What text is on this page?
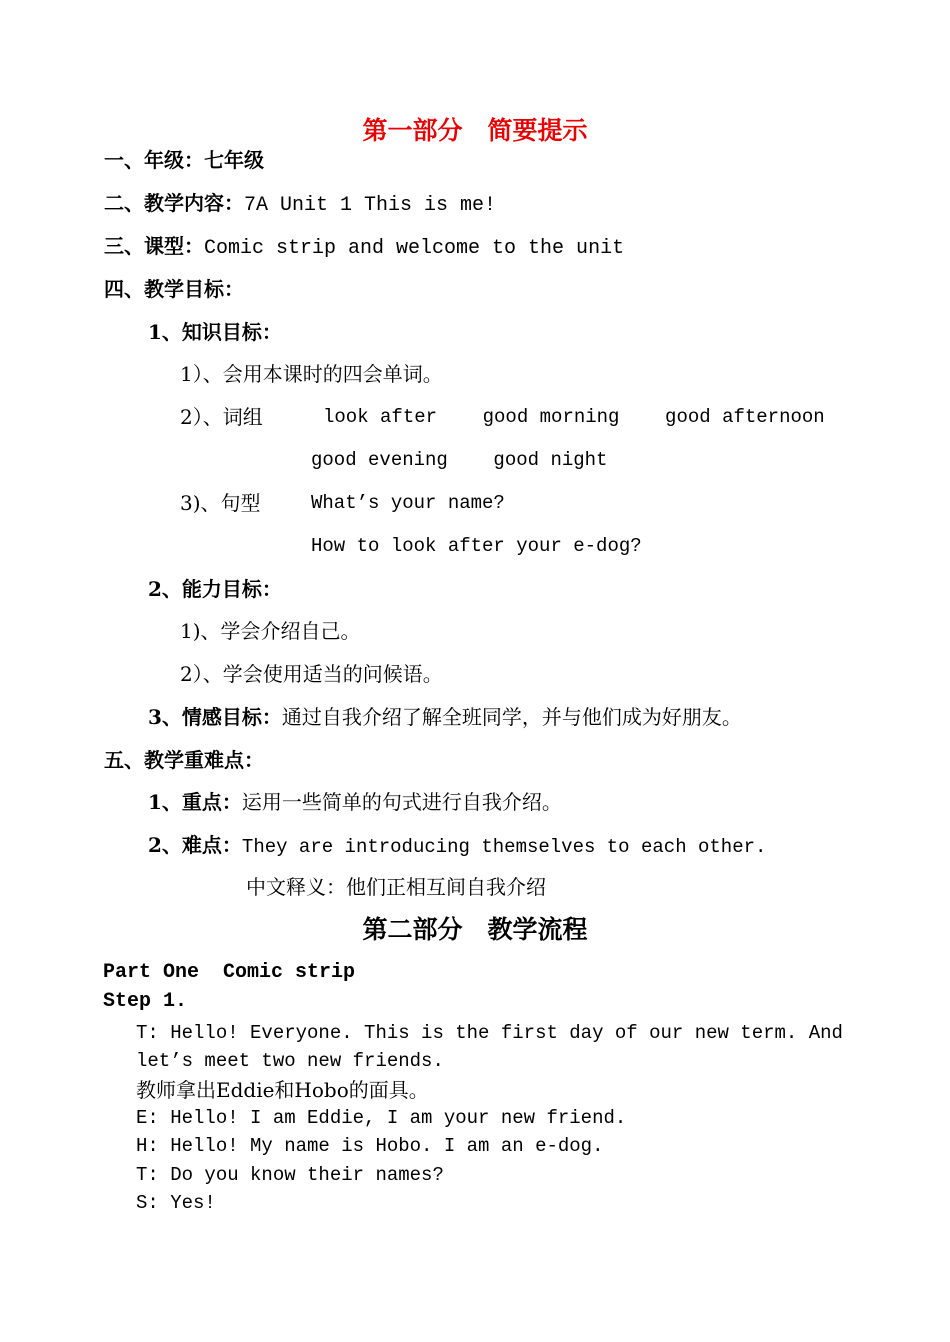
第一部分　简要提示
一、年级：七年级
二、教学内容：7A Unit 1 This is me!
三、课型：Comic strip and welcome to the unit
四、教学目标：
1、知识目标：
1）、会用本课时的四会单词。
2）、词组	look after    good morning    good afternoon
good evening    good night
3)、句型	What’s your name?
How to look after your e-dog?
2、能力目标：
1)、学会介绍自己。
2）、学会使用适当的问候语。
3、情感目标：通过自我介绍了解全班同学，并与他们成为好朋友。
五、教学重难点：
1、重点：运用一些简单的句式进行自我介绍。
2、难点：They are introducing themselves to each other.
中文释义：他们正相互间自我介绍
第二部分　教学流程
Part One  Comic strip
Step 1.
T: Hello! Everyone. This is the first day of our new term. And
let’s meet two new friends.
教师拿出Eddie和Hobo的面具。
E: Hello! I am Eddie, I am your new friend.
H: Hello! My name is Hobo. I am an e-dog.
T: Do you know their names?
S: Yes!
